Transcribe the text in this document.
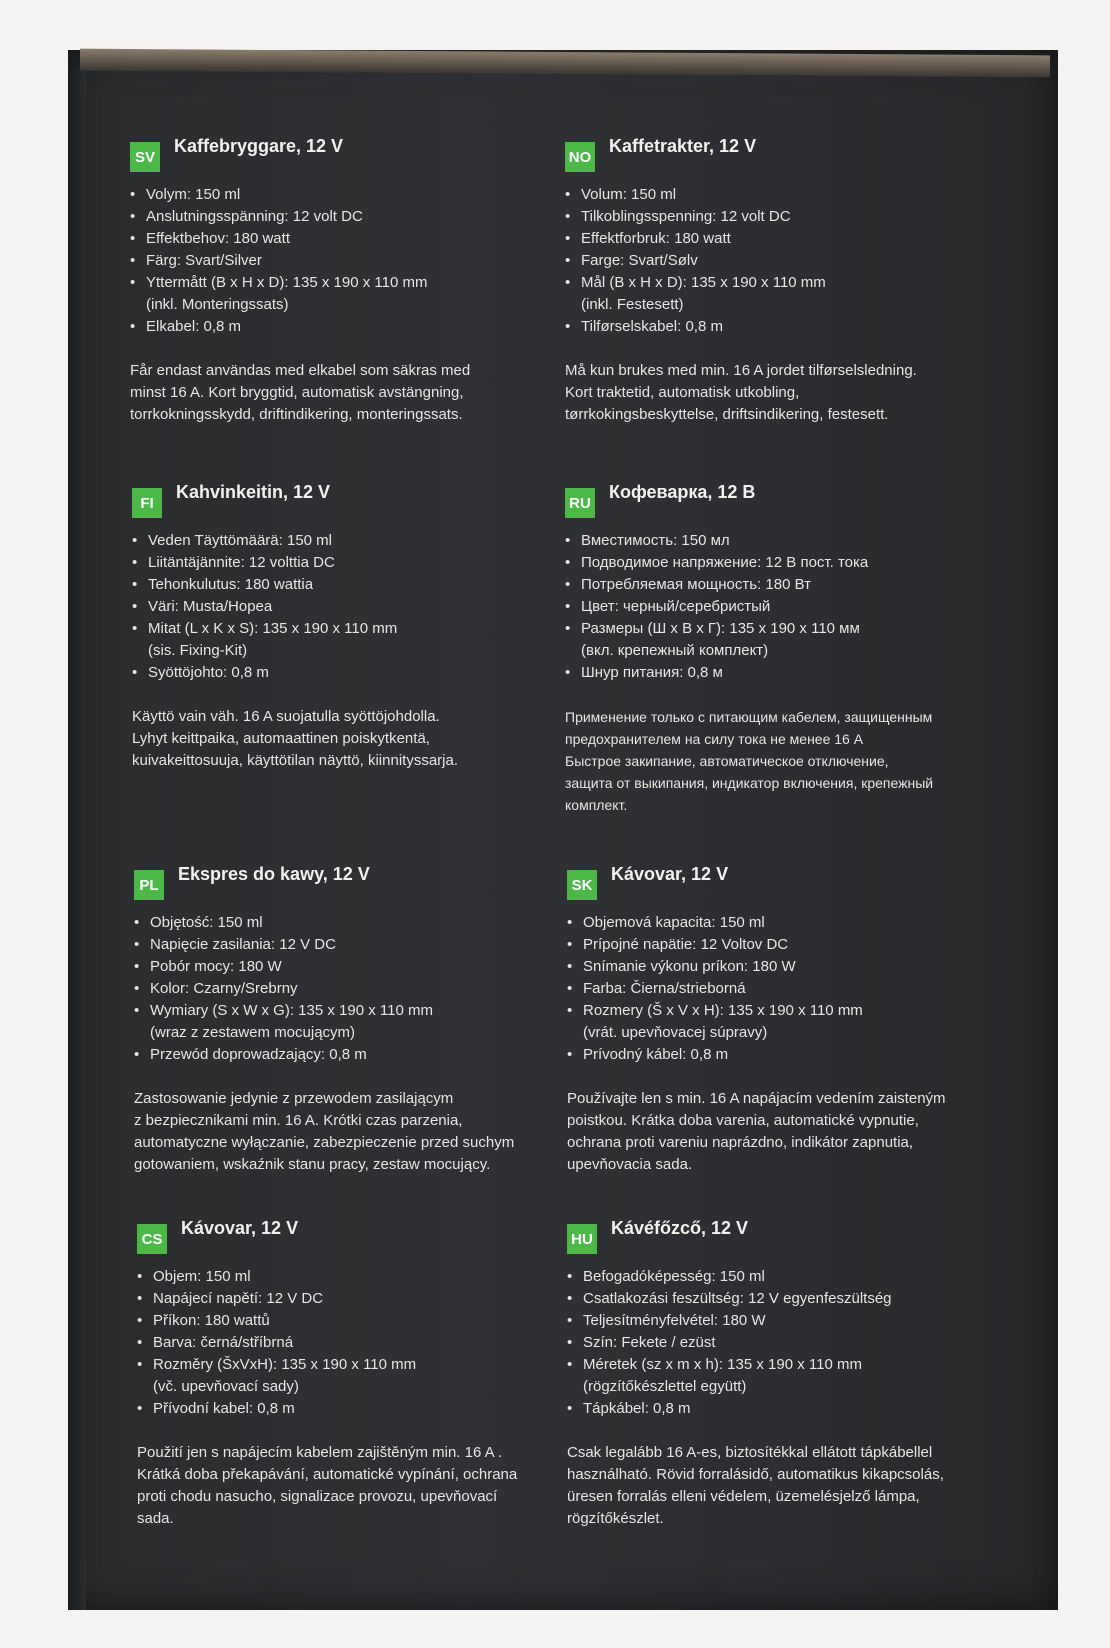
SV
Kaffebryggare, 12 V
• Volym: 150 ml
• Anslutningsspänning: 12 volt DC
• Effektbehov: 180 watt
• Färg: Svart/Silver
• Yttermått (B x H x D): 135 x 190 x 110 mm
(inkl. Monteringssats)
• Elkabel: 0,8 m
Får endast användas med elkabel som säkras med
minst 16 A. Kort bryggtid, automatisk avstängning,
torrkokningsskydd, driftindikering, monteringssats.
NO
Kaffetrakter, 12 V
• Volum: 150 ml
• Tilkoblingsspenning: 12 volt DC
• Effektforbruk: 180 watt
• Farge: Svart/Sølv
• Mål (B x H x D): 135 x 190 x 110 mm
(inkl. Festesett)
• Tilførselskabel: 0,8 m
Må kun brukes med min. 16 A jordet tilførselsledning.
Kort traktetid, automatisk utkobling,
tørrkokingsbeskyttelse, driftsindikering, festesett.
FI
Kahvinkeitin, 12 V
• Veden Täyttömäärä: 150 ml
• Liitäntäjännite: 12 volttia DC
• Tehonkulutus: 180 wattia
• Väri: Musta/Hopea
• Mitat (L x K x S): 135 x 190 x 110 mm
(sis. Fixing-Kit)
• Syöttöjohto: 0,8 m
Käyttö vain väh. 16 A suojatulla syöttöjohdolla.
Lyhyt keittpaika, automaattinen poiskytkentä,
kuivakeittosuuja, käyttötilan näyttö, kiinnityssarja.
RU
Кофеварка, 12 В
• Вместимость: 150 мл
• Подводимое напряжение: 12 В пост. тока
• Потребляемая мощность: 180 Вт
• Цвет: черный/серебристый
• Размеры (Ш x В x Г): 135 x 190 x 110 мм
(вкл. крепежный комплект)
• Шнур питания: 0,8 м
Применение только с питающим кабелем, защищенным
предохранителем на силу тока не менее 16 А
Быстрое закипание, автоматическое отключение,
защита от выкипания, индикатор включения, крепежный
комплект.
PL
Ekspres do kawy, 12 V
• Objętość: 150 ml
• Napięcie zasilania: 12 V DC
• Pobór mocy: 180 W
• Kolor: Czarny/Srebrny
• Wymiary (S x W x G): 135 x 190 x 110 mm
(wraz z zestawem mocującym)
• Przewód doprowadzający: 0,8 m
Zastosowanie jedynie z przewodem zasilającym
z bezpiecznikami min. 16 A. Krótki czas parzenia,
automatyczne wyłączanie, zabezpieczenie przed suchym
gotowaniem, wskaźnik stanu pracy, zestaw mocujący.
SK
Kávovar, 12 V
• Objemová kapacita: 150 ml
• Prípojné napätie: 12 Voltov DC
• Snímanie výkonu príkon: 180 W
• Farba: Čierna/strieborná
• Rozmery (Š x V x H): 135 x 190 x 110 mm
(vrát. upevňovacej súpravy)
• Prívodný kábel: 0,8 m
Používajte len s min. 16 A napájacím vedením zaisteným
poistkou. Krátka doba varenia, automatické vypnutie,
ochrana proti vareniu naprázdno, indikátor zapnutia,
upevňovacia sada.
CS
Kávovar, 12 V
• Objem: 150 ml
• Napájecí napětí: 12 V DC
• Příkon: 180 wattů
• Barva: černá/stříbrná
• Rozměry (ŠxVxH): 135 x 190 x 110 mm
(vč. upevňovací sady)
• Přívodní kabel: 0,8 m
Použití jen s napájecím kabelem zajištěným min. 16 A .
Krátká doba překapávání, automatické vypínání, ochrana
proti chodu nasucho, signalizace provozu, upevňovací
sada.
HU
Kávéfőzcő, 12 V
• Befogadóképesség: 150 ml
• Csatlakozási feszültség: 12 V egyenfeszültség
• Teljesítményfelvétel: 180 W
• Szín: Fekete / ezüst
• Méretek (sz x m x h): 135 x 190 x 110 mm
(rögzítőkészlettel együtt)
• Tápkábel: 0,8 m
Csak legalább 16 A-es, biztosítékkal ellátott tápkábellel
használható. Rövid forralásidő, automatikus kikapcsolás,
üresen forralás elleni védelem, üzemelésjelző lámpa,
rögzítőkészlet.
